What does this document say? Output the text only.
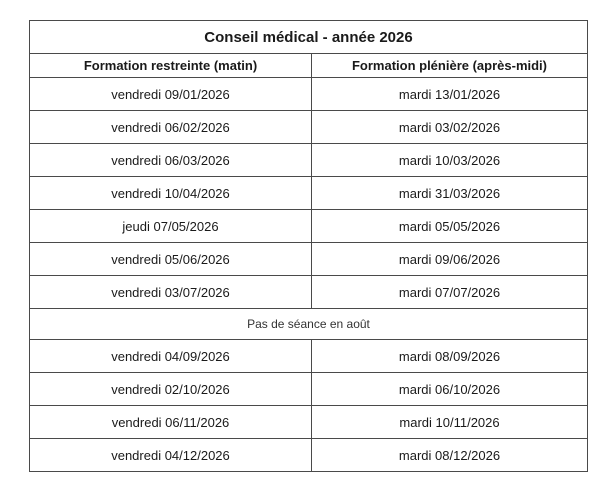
Conseil médical - année 2026	
Formation restreinte (matin)	Formation plénière (après-midi)
vendredi 09/01/2026	mardi 13/01/2026
vendredi 06/02/2026	mardi 03/02/2026
vendredi 06/03/2026	mardi 10/03/2026
vendredi 10/04/2026	mardi 31/03/2026
jeudi 07/05/2026	mardi 05/05/2026
vendredi 05/06/2026	mardi 09/06/2026
vendredi 03/07/2026	mardi 07/07/2026
Pas de séance en août	
vendredi 04/09/2026	mardi 08/09/2026
vendredi 02/10/2026	mardi 06/10/2026
vendredi 06/11/2026	mardi 10/11/2026
vendredi 04/12/2026	mardi 08/12/2026
